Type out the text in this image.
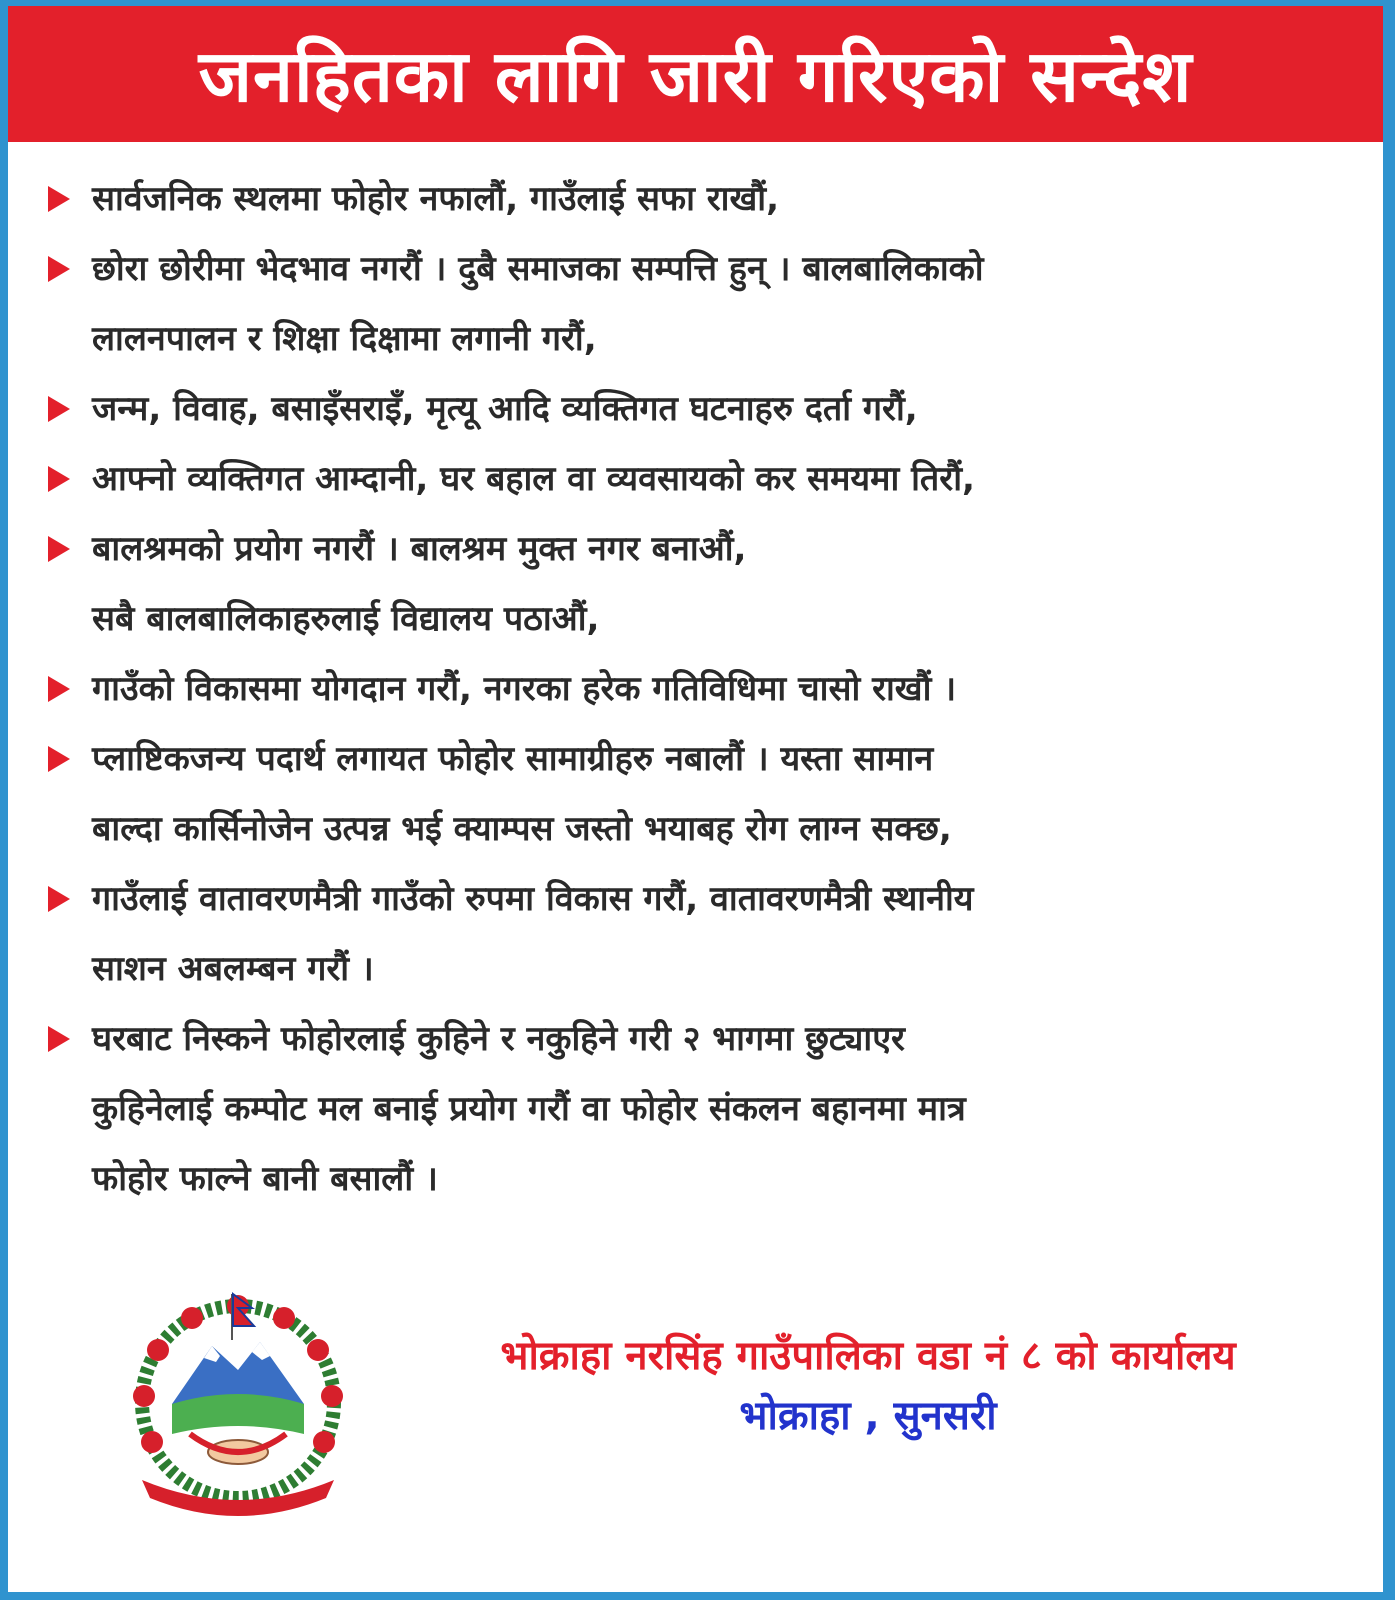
जनहितका लागि जारी गरिएको सन्देश
सार्वजनिक स्थलमा फोहोर नफालौं, गाउँलाई सफा राखौं,
छोरा छोरीमा भेदभाव नगरौं । दुबै समाजका सम्पत्ति हुन् । बालबालिकाको
लालनपालन र शिक्षा दिक्षामा लगानी गरौं,
जन्म, विवाह, बसाइँसराइँ, मृत्यू आदि व्यक्तिगत घटनाहरु दर्ता गरौं,
आफ्नो व्यक्तिगत आम्दानी, घर बहाल वा व्यवसायको कर समयमा तिरौं,
बालश्रमको प्रयोग नगरौं । बालश्रम मुक्त नगर बनाऔं,
सबै बालबालिकाहरुलाई विद्यालय पठाऔं,
गाउँको विकासमा योगदान गरौं, नगरका हरेक गतिविधिमा चासो राखौं ।
प्लाष्टिकजन्य पदार्थ लगायत फोहोर सामाग्रीहरु नबालौं । यस्ता सामान
बाल्दा कार्सिनोजेन उत्पन्न भई क्याम्पस जस्तो भयाबह रोग लाग्न सक्छ,
गाउँलाई वातावरणमैत्री गाउँको रुपमा विकास गरौं, वातावरणमैत्री स्थानीय
साशन अबलम्बन गरौं ।
घरबाट निस्कने फोहोरलाई कुहिने र नकुहिने गरी २ भागमा छुट्याएर
कुहिनेलाई कम्पोट मल बनाई प्रयोग गरौं वा फोहोर संकलन बहानमा मात्र
फोहोर फाल्ने बानी बसालौं ।
भोक्राहा नरसिंह गाउँपालिका वडा नं ८ को कार्यालय
भोक्राहा , सुनसरी
